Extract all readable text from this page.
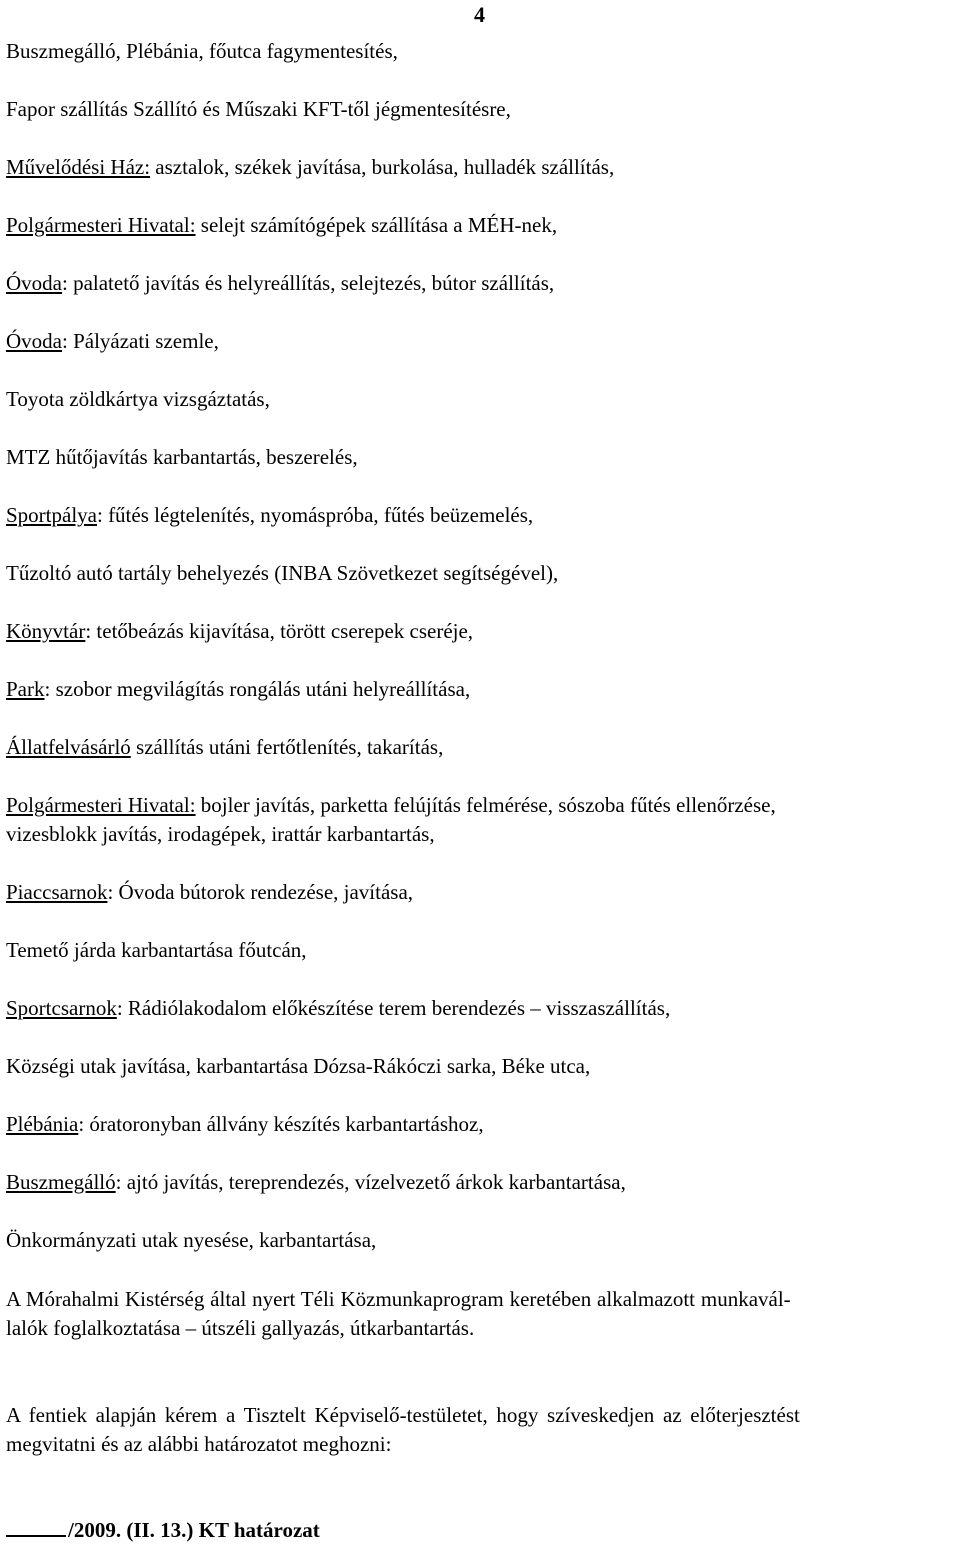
4
Buszmegálló, Plébánia, főutca fagymentesítés,
Fapor szállítás Szállító és Műszaki KFT-től jégmentesítésre,
Művelődési Ház: asztalok, székek javítása, burkolása, hulladék szállítás,
Polgármesteri Hivatal: selejt számítógépek szállítása a MÉH-nek,
Óvoda: palatető javítás és helyreállítás, selejtezés, bútor szállítás,
Óvoda: Pályázati szemle,
Toyota zöldkártya vizsgáztatás,
MTZ hűtőjavítás karbantartás, beszerelés,
Sportpálya: fűtés légtelenítés, nyomáspróba, fűtés beüzemelés,
Tűzoltó autó tartály behelyezés (INBA Szövetkezet segítségével),
Könyvtár: tetőbeázás kijavítása, törött cserepek cseréje,
Park: szobor megvilágítás rongálás utáni helyreállítása,
Állatfelvásárló szállítás utáni fertőtlenítés, takarítás,
Polgármesteri Hivatal: bojler javítás, parketta felújítás felmérése, sószoba fűtés ellenőrzése,
vizesblokk javítás, irodagépek, irattár karbantartás,
Piaccsarnok: Óvoda bútorok rendezése, javítása,
Temető járda karbantartása főutcán,
Sportcsarnok: Rádiólakodalom előkészítése terem berendezés – visszaszállítás,
Községi utak javítása, karbantartása Dózsa-Rákóczi sarka, Béke utca,
Plébánia: óratoronyban állvány készítés karbantartáshoz,
Buszmegálló: ajtó javítás, tereprendezés, vízelvezető árkok karbantartása,
Önkormányzati utak nyesése, karbantartása,
A Mórahalmi Kistérség által nyert Téli Közmunkaprogram keretében alkalmazott munkavál-
lalók foglalkoztatása – útszéli gallyazás, útkarbantartás.
A fentiek alapján kérem a Tisztelt Képviselő-testületet, hogy szíveskedjen az előterjesztést
megvitatni és az alábbi határozatot meghozni:
/2009. (II. 13.) KT határozat
